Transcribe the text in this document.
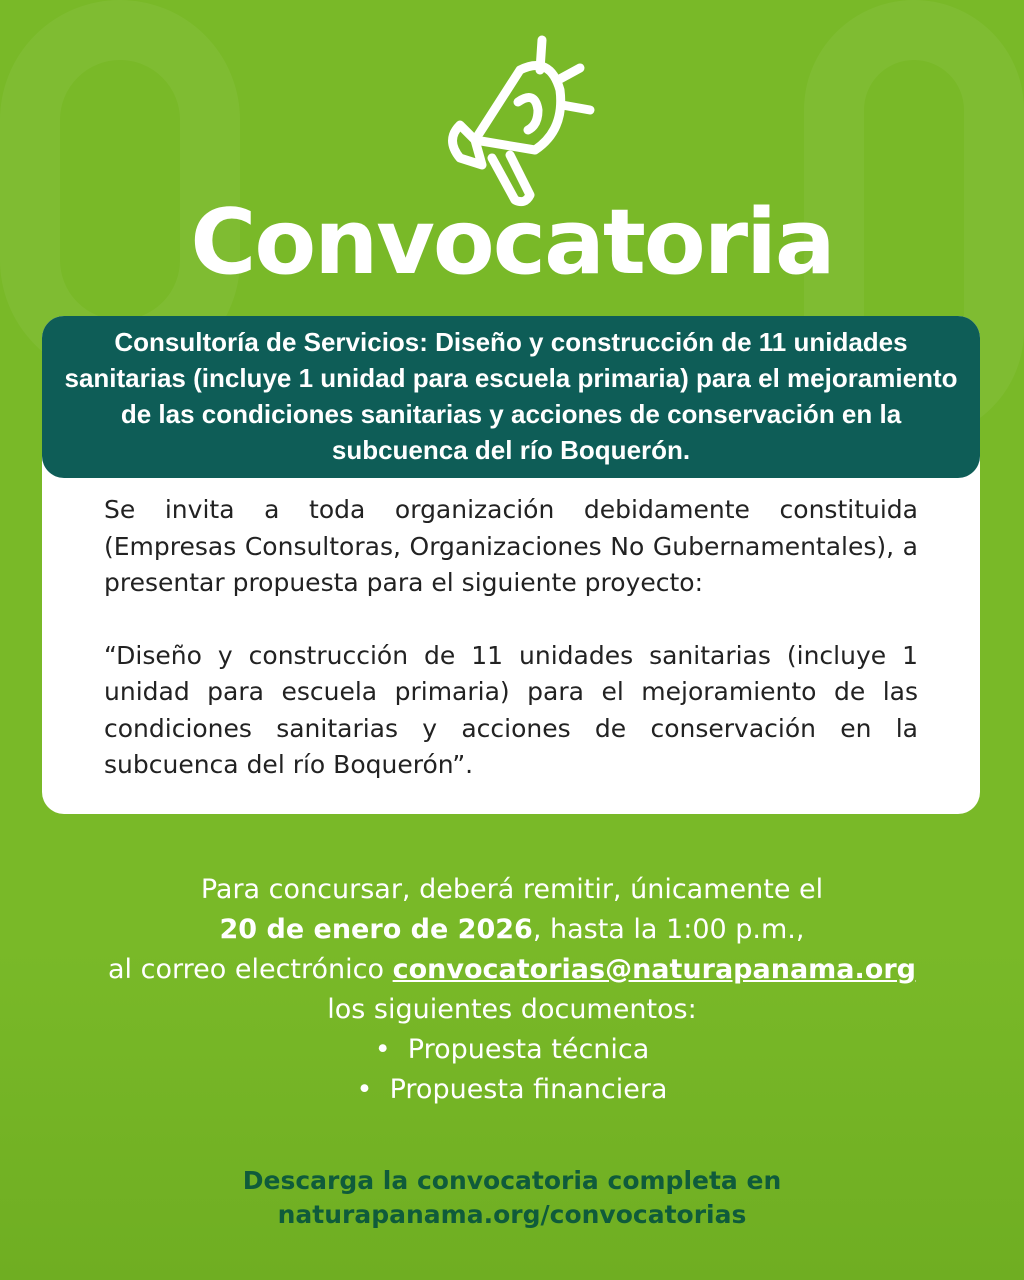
Convocatoria
Consultoría de Servicios: Diseño y construcción de 11 unidades sanitarias (incluye 1 unidad para escuela primaria) para el mejoramiento de las condiciones sanitarias y acciones de conservación en la subcuenca del río Boquerón.

Se invita a toda organización debidamente constituida (Empresas Consultoras, Organizaciones No Gubernamentales), a presentar propuesta para el siguiente proyecto:

“Diseño y construcción de 11 unidades sanitarias (incluye 1 unidad para escuela primaria) para el mejoramiento de las condiciones sanitarias y acciones de conservación en la subcuenca del río Boquerón”.

Para concursar, deberá remitir, únicamente el
20 de enero de 2026, hasta la 1:00 p.m.,
al correo electrónico convocatorias@naturapanama.org
los siguientes documentos:
•  Propuesta técnica
•  Propuesta financiera
Descarga la convocatoria completa en
naturapanama.org/convocatorias
